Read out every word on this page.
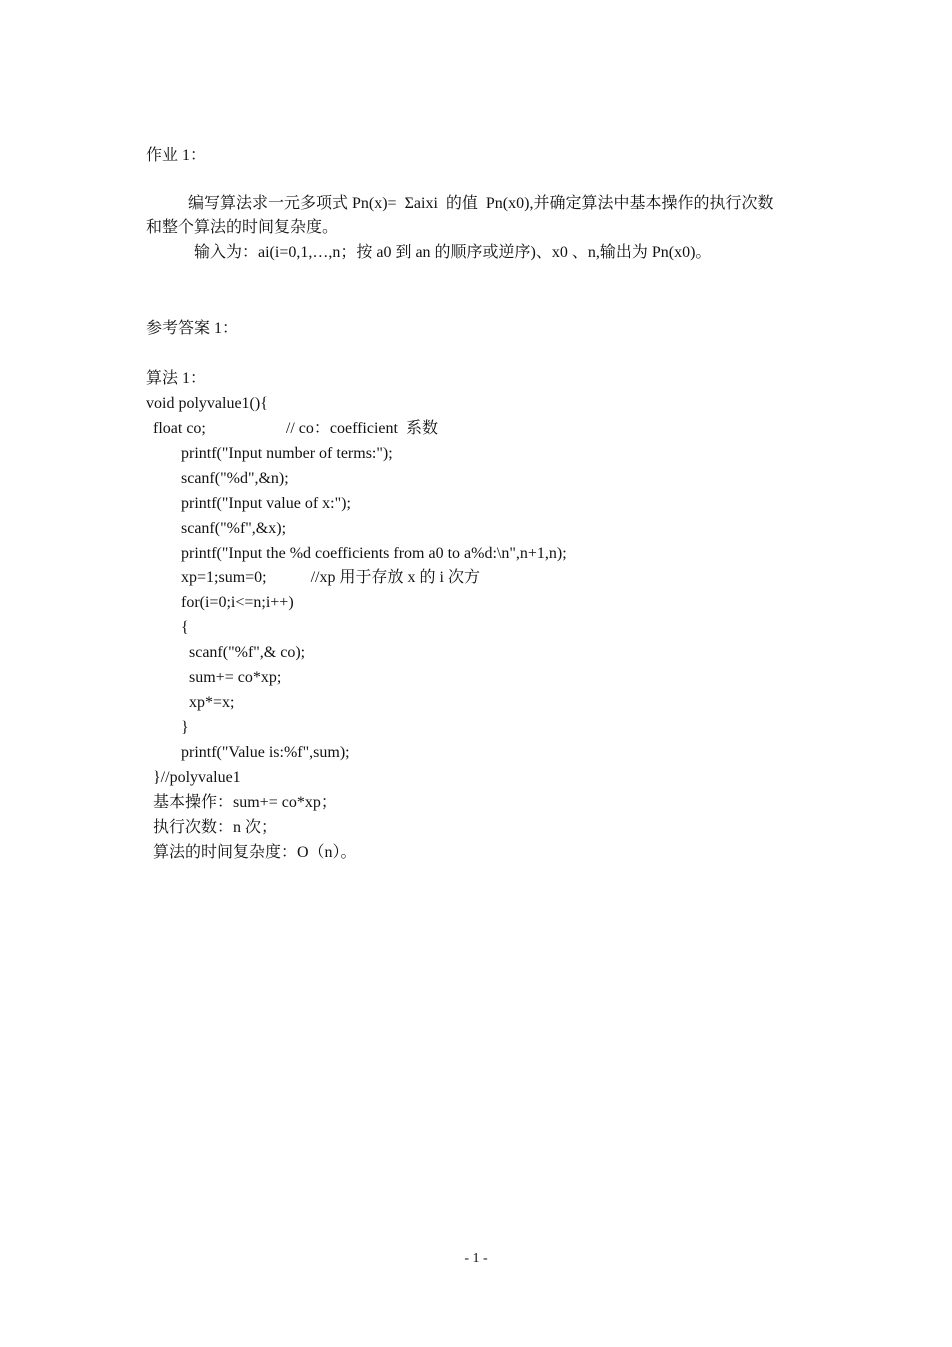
作业 1：
编写算法求一元多项式 Pn(x)=  Σaixi  的值  Pn(x0),并确定算法中基本操作的执行次数
和整个算法的时间复杂度。
输入为：ai(i=0,1,…,n；按 a0 到 an 的顺序或逆序)、x0 、n,输出为 Pn(x0)。
参考答案 1：
算法 1：
void polyvalue1(){
float co;                    // co：coefficient  系数
printf("Input number of terms:");
scanf("%d",&n);
printf("Input value of x:");
scanf("%f",&x);
printf("Input the %d coefficients from a0 to a%d:\n",n+1,n);
xp=1;sum=0;           //xp 用于存放 x 的 i 次方
for(i=0;i<=n;i++)
{
scanf("%f",& co);
sum+= co*xp;
xp*=x;
}
printf("Value is:%f",sum);
}//polyvalue1
基本操作：sum+= co*xp；
执行次数：n 次；
算法的时间复杂度：O（n）。
- 1 -
